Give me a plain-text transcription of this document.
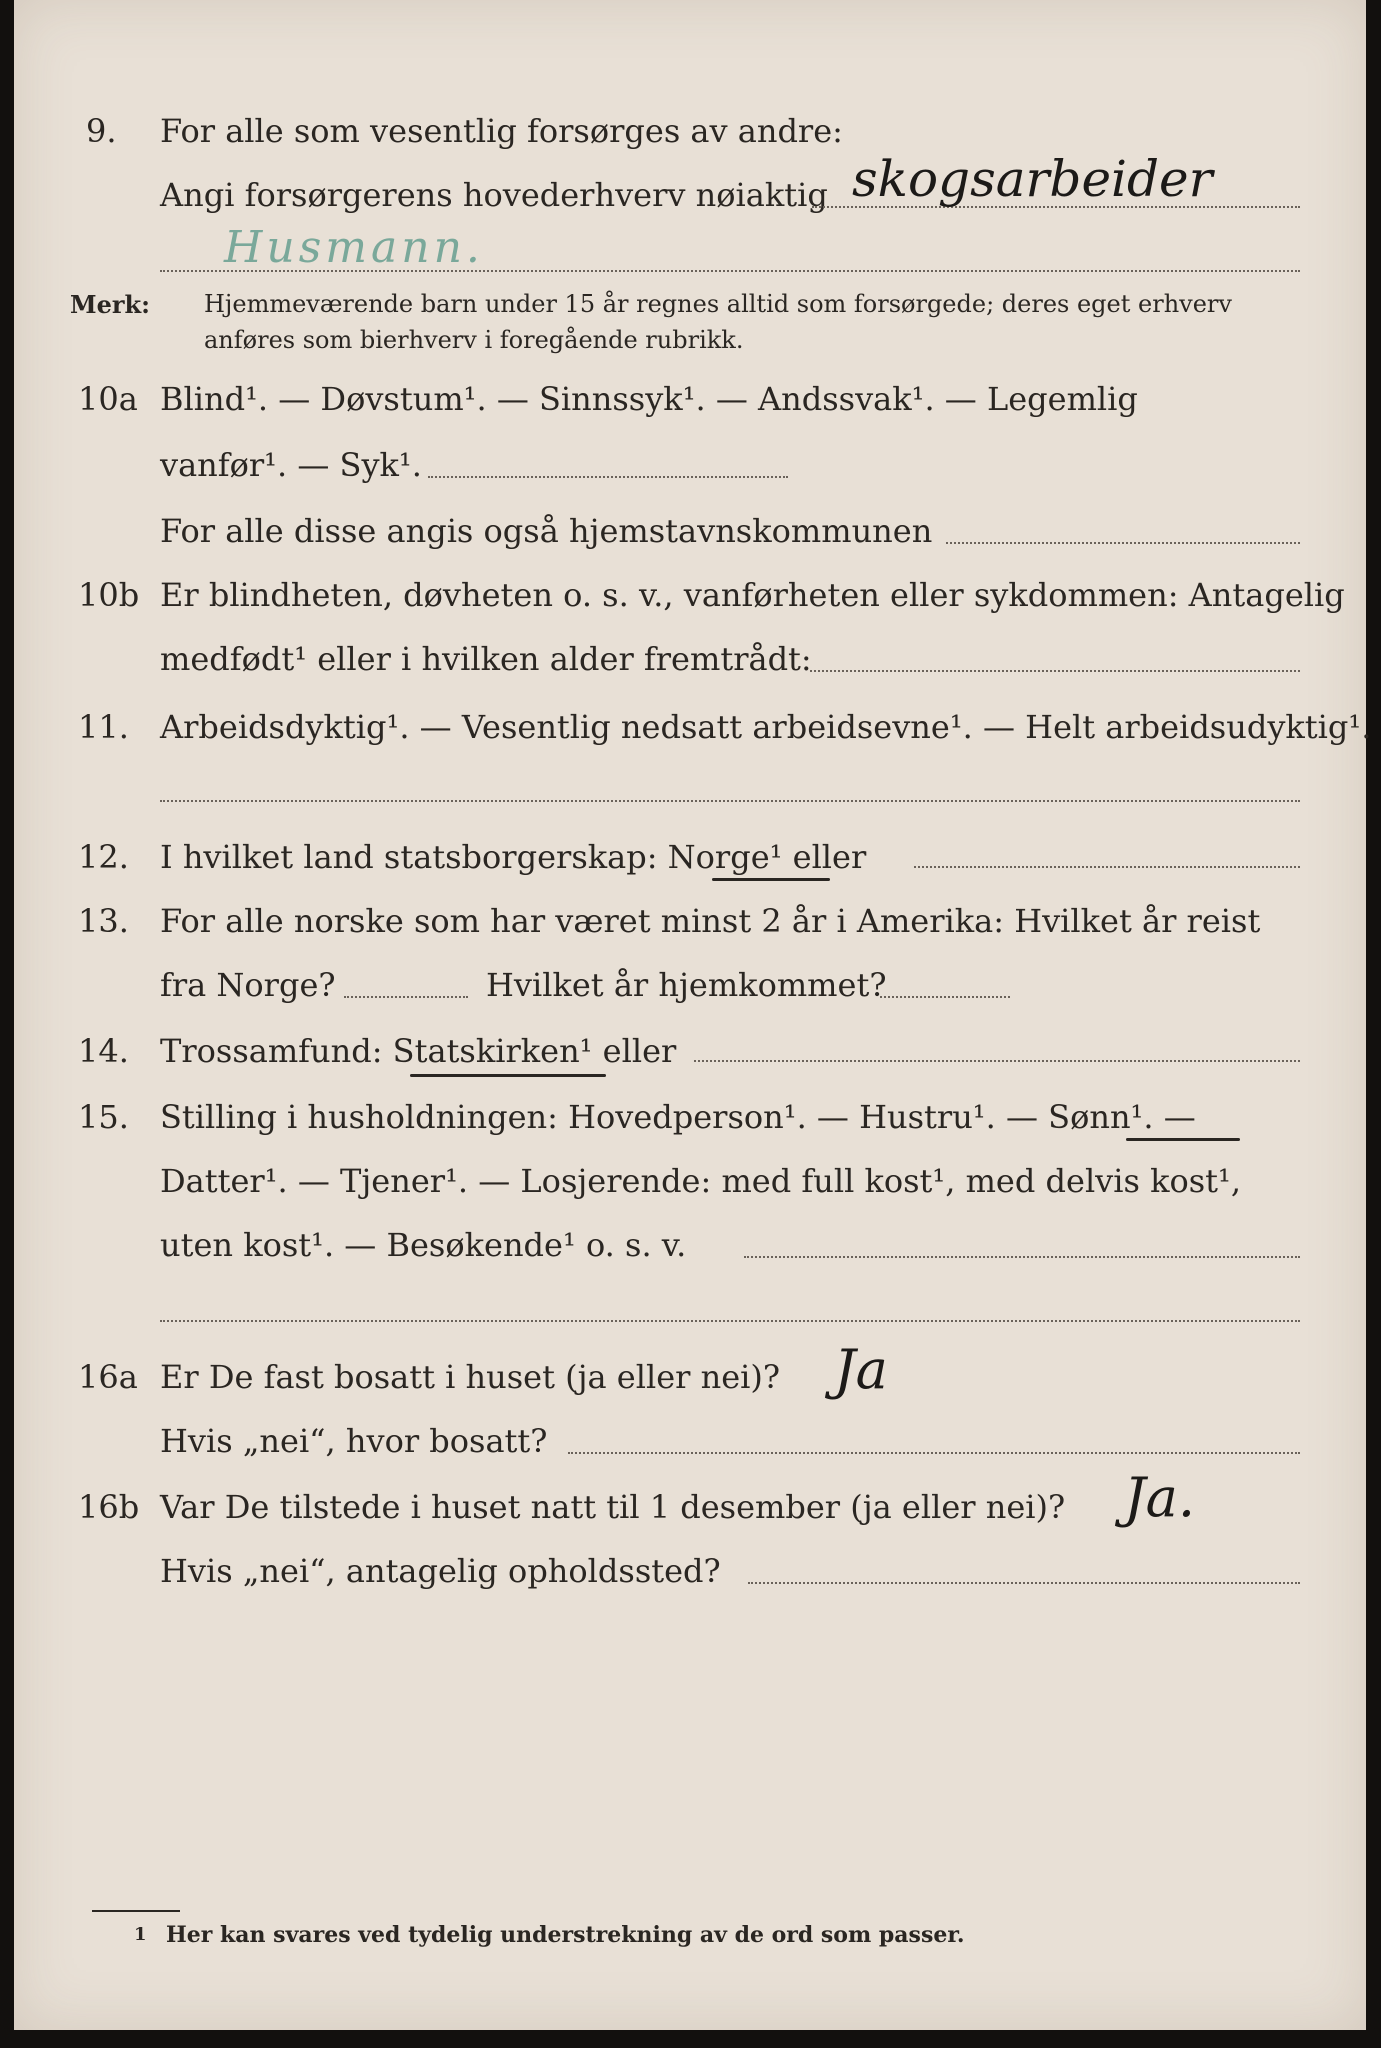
9. For alle som vesentlig forsørges av andre:
Angi forsørgerens hovederhverv nøiaktig skogsarbeider
Husmann.
Merk: Hjemmeværende barn under 15 år regnes alltid som forsørgede; deres eget erhverv
anføres som bierhverv i foregående rubrikk.
10a Blind¹. — Døvstum¹. — Sinnssyk¹. — Andssvak¹. — Legemlig
vanfør¹. — Syk¹.
For alle disse angis også hjemstavnskommunen
10b Er blindheten, døvheten o. s. v., vanførheten eller sykdommen: Antagelig
medfødt¹ eller i hvilken alder fremtrådt:
11. Arbeidsdyktig¹. — Vesentlig nedsatt arbeidsevne¹. — Helt arbeidsudyktig¹.
12. I hvilket land statsborgerskap: Norge¹ eller
13. For alle norske som har været minst 2 år i Amerika: Hvilket år reist
fra Norge?	Hvilket år hjemkommet?
14. Trossamfund: Statskirken¹ eller
15. Stilling i husholdningen: Hovedperson¹. — Hustru¹. — Sønn¹. —
Datter¹. — Tjener¹. — Losjerende: med full kost¹, med delvis kost¹,
uten kost¹. — Besøkende¹ o. s. v.
16a Er De fast bosatt i huset (ja eller nei)? Ja
Hvis „nei“, hvor bosatt?
16b Var De tilstede i huset natt til 1 desember (ja eller nei)? Ja.
Hvis „nei“, antagelig opholdssted?
1 Her kan svares ved tydelig understrekning av de ord som passer.
